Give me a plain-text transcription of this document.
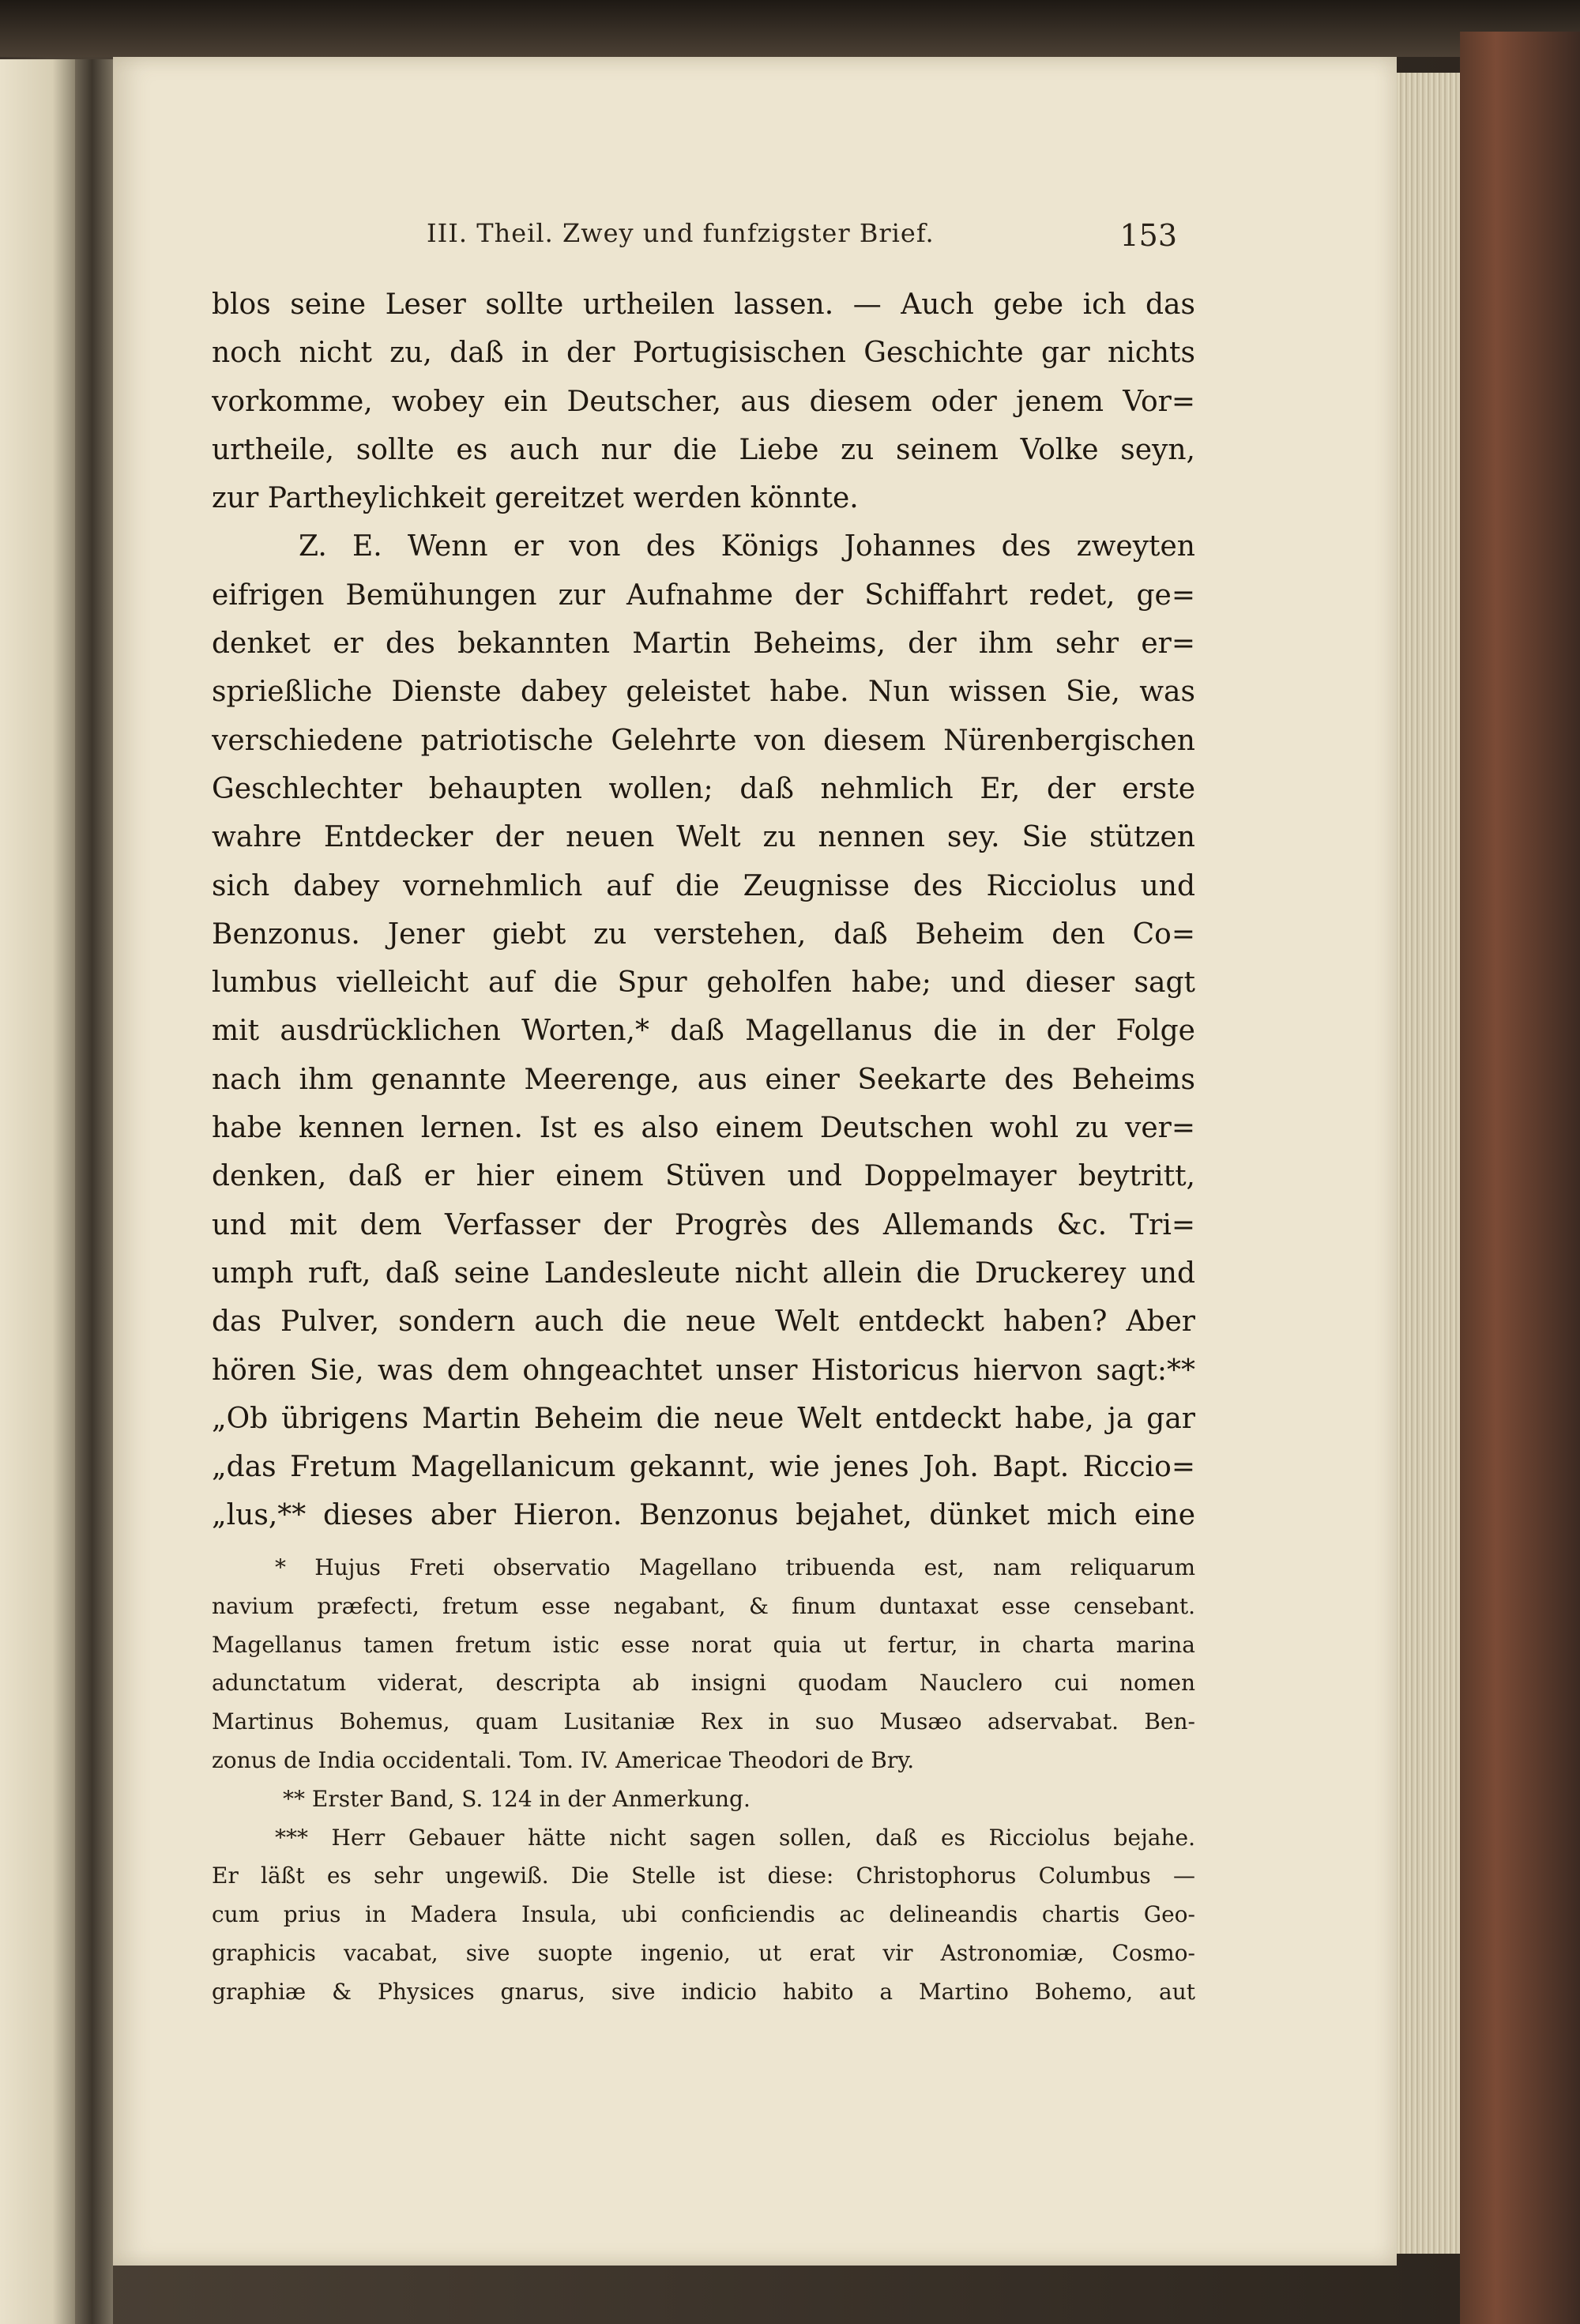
III. Theil. Zwey und funfzigster Brief.	153
blos seine Leser sollte urtheilen lassen. — Auch gebe ich das
noch nicht zu, daß in der Portugisischen Geschichte gar nichts
vorkomme, wobey ein Deutscher, aus diesem oder jenem Vor=
urtheile, sollte es auch nur die Liebe zu seinem Volke seyn,
zur Partheylichkeit gereitzet werden könnte.
Z. E. Wenn er von des Königs Johannes des zweyten
eifrigen Bemühungen zur Aufnahme der Schiffahrt redet, ge=
denket er des bekannten Martin Beheims, der ihm sehr er=
sprießliche Dienste dabey geleistet habe. Nun wissen Sie, was
verschiedene patriotische Gelehrte von diesem Nürenbergischen
Geschlechter behaupten wollen; daß nehmlich Er, der erste
wahre Entdecker der neuen Welt zu nennen sey. Sie stützen
sich dabey vornehmlich auf die Zeugnisse des Ricciolus und
Benzonus. Jener giebt zu verstehen, daß Beheim den Co=
lumbus vielleicht auf die Spur geholfen habe; und dieser sagt
mit ausdrücklichen Worten,* daß Magellanus die in der Folge
nach ihm genannte Meerenge, aus einer Seekarte des Beheims
habe kennen lernen. Ist es also einem Deutschen wohl zu ver=
denken, daß er hier einem Stüven und Doppelmayer beytritt,
und mit dem Verfasser der Progrès des Allemands &c. Tri=
umph ruft, daß seine Landesleute nicht allein die Druckerey und
das Pulver, sondern auch die neue Welt entdeckt haben? Aber
hören Sie, was dem ohngeachtet unser Historicus hiervon sagt:**
„Ob übrigens Martin Beheim die neue Welt entdeckt habe, ja gar
„das Fretum Magellanicum gekannt, wie jenes Joh. Bapt. Riccio=
„lus,** dieses aber Hieron. Benzonus bejahet, dünket mich eine
* Hujus Freti observatio Magellano tribuenda est, nam reliquarum
navium præfecti, fretum esse negabant, & finum duntaxat esse censebant.
Magellanus tamen fretum istic esse norat quia ut fertur, in charta marina
adunctatum viderat, descripta ab insigni quodam Nauclero cui nomen
Martinus Bohemus, quam Lusitaniæ Rex in suo Musæo adservabat. Ben-
zonus de India occidentali. Tom. IV. Americae Theodori de Bry.
** Erster Band, S. 124 in der Anmerkung.
*** Herr Gebauer hätte nicht sagen sollen, daß es Ricciolus bejahe.
Er läßt es sehr ungewiß. Die Stelle ist diese: Christophorus Columbus —
cum prius in Madera Insula, ubi conficiendis ac delineandis chartis Geo-
graphicis vacabat, sive suopte ingenio, ut erat vir Astronomiæ, Cosmo-
graphiæ & Physices gnarus, sive indicio habito a Martino Bohemo, aut
